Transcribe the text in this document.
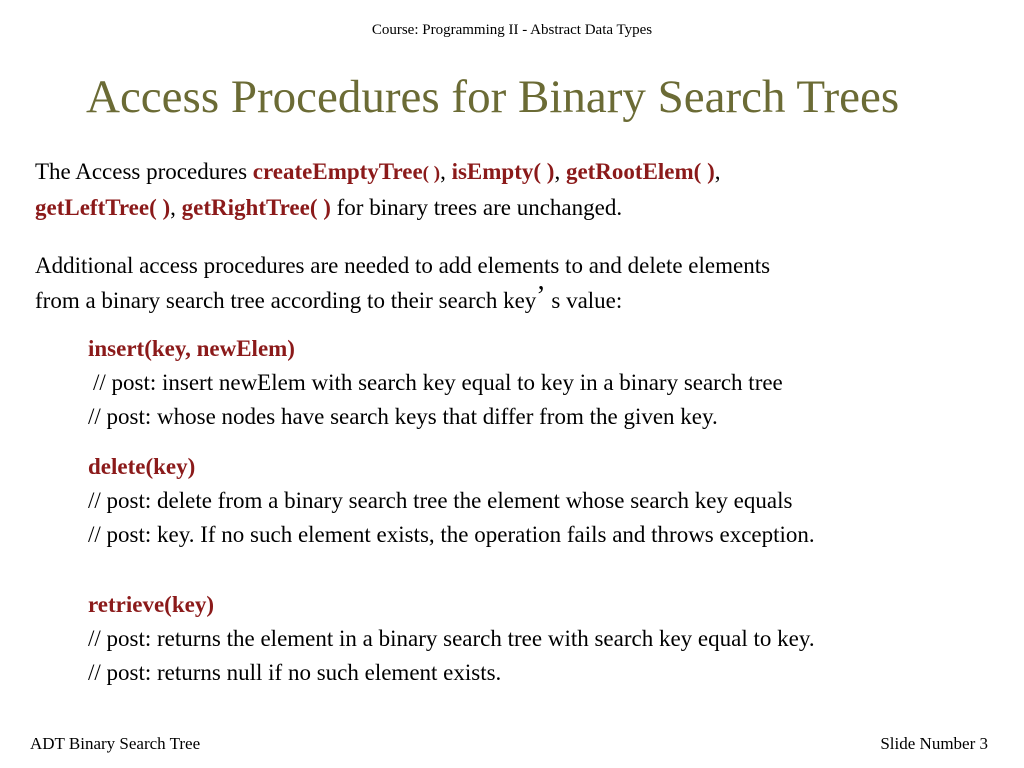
Course: Programming II - Abstract Data Types
Access Procedures for Binary Search Trees
The Access procedures createEmptyTree( ), isEmpty( ), getRootElem( ),
getLeftTree( ), getRightTree( ) for binary trees are unchanged.
Additional access procedures are needed to add elements to and delete elements
from a binary search tree according to their search key’ s value:
insert(key, newElem)
// post: insert newElem with search key equal to key in a binary search tree
// post: whose nodes have search keys that differ from the given key.
delete(key)
// post: delete from a binary search tree the element whose search key equals
// post: key. If no such element exists, the operation fails and throws exception.
retrieve(key)
// post: returns the element in a binary search tree with search key equal to key.
// post: returns null if no such element exists.
ADT Binary Search Tree	Slide Number 3
